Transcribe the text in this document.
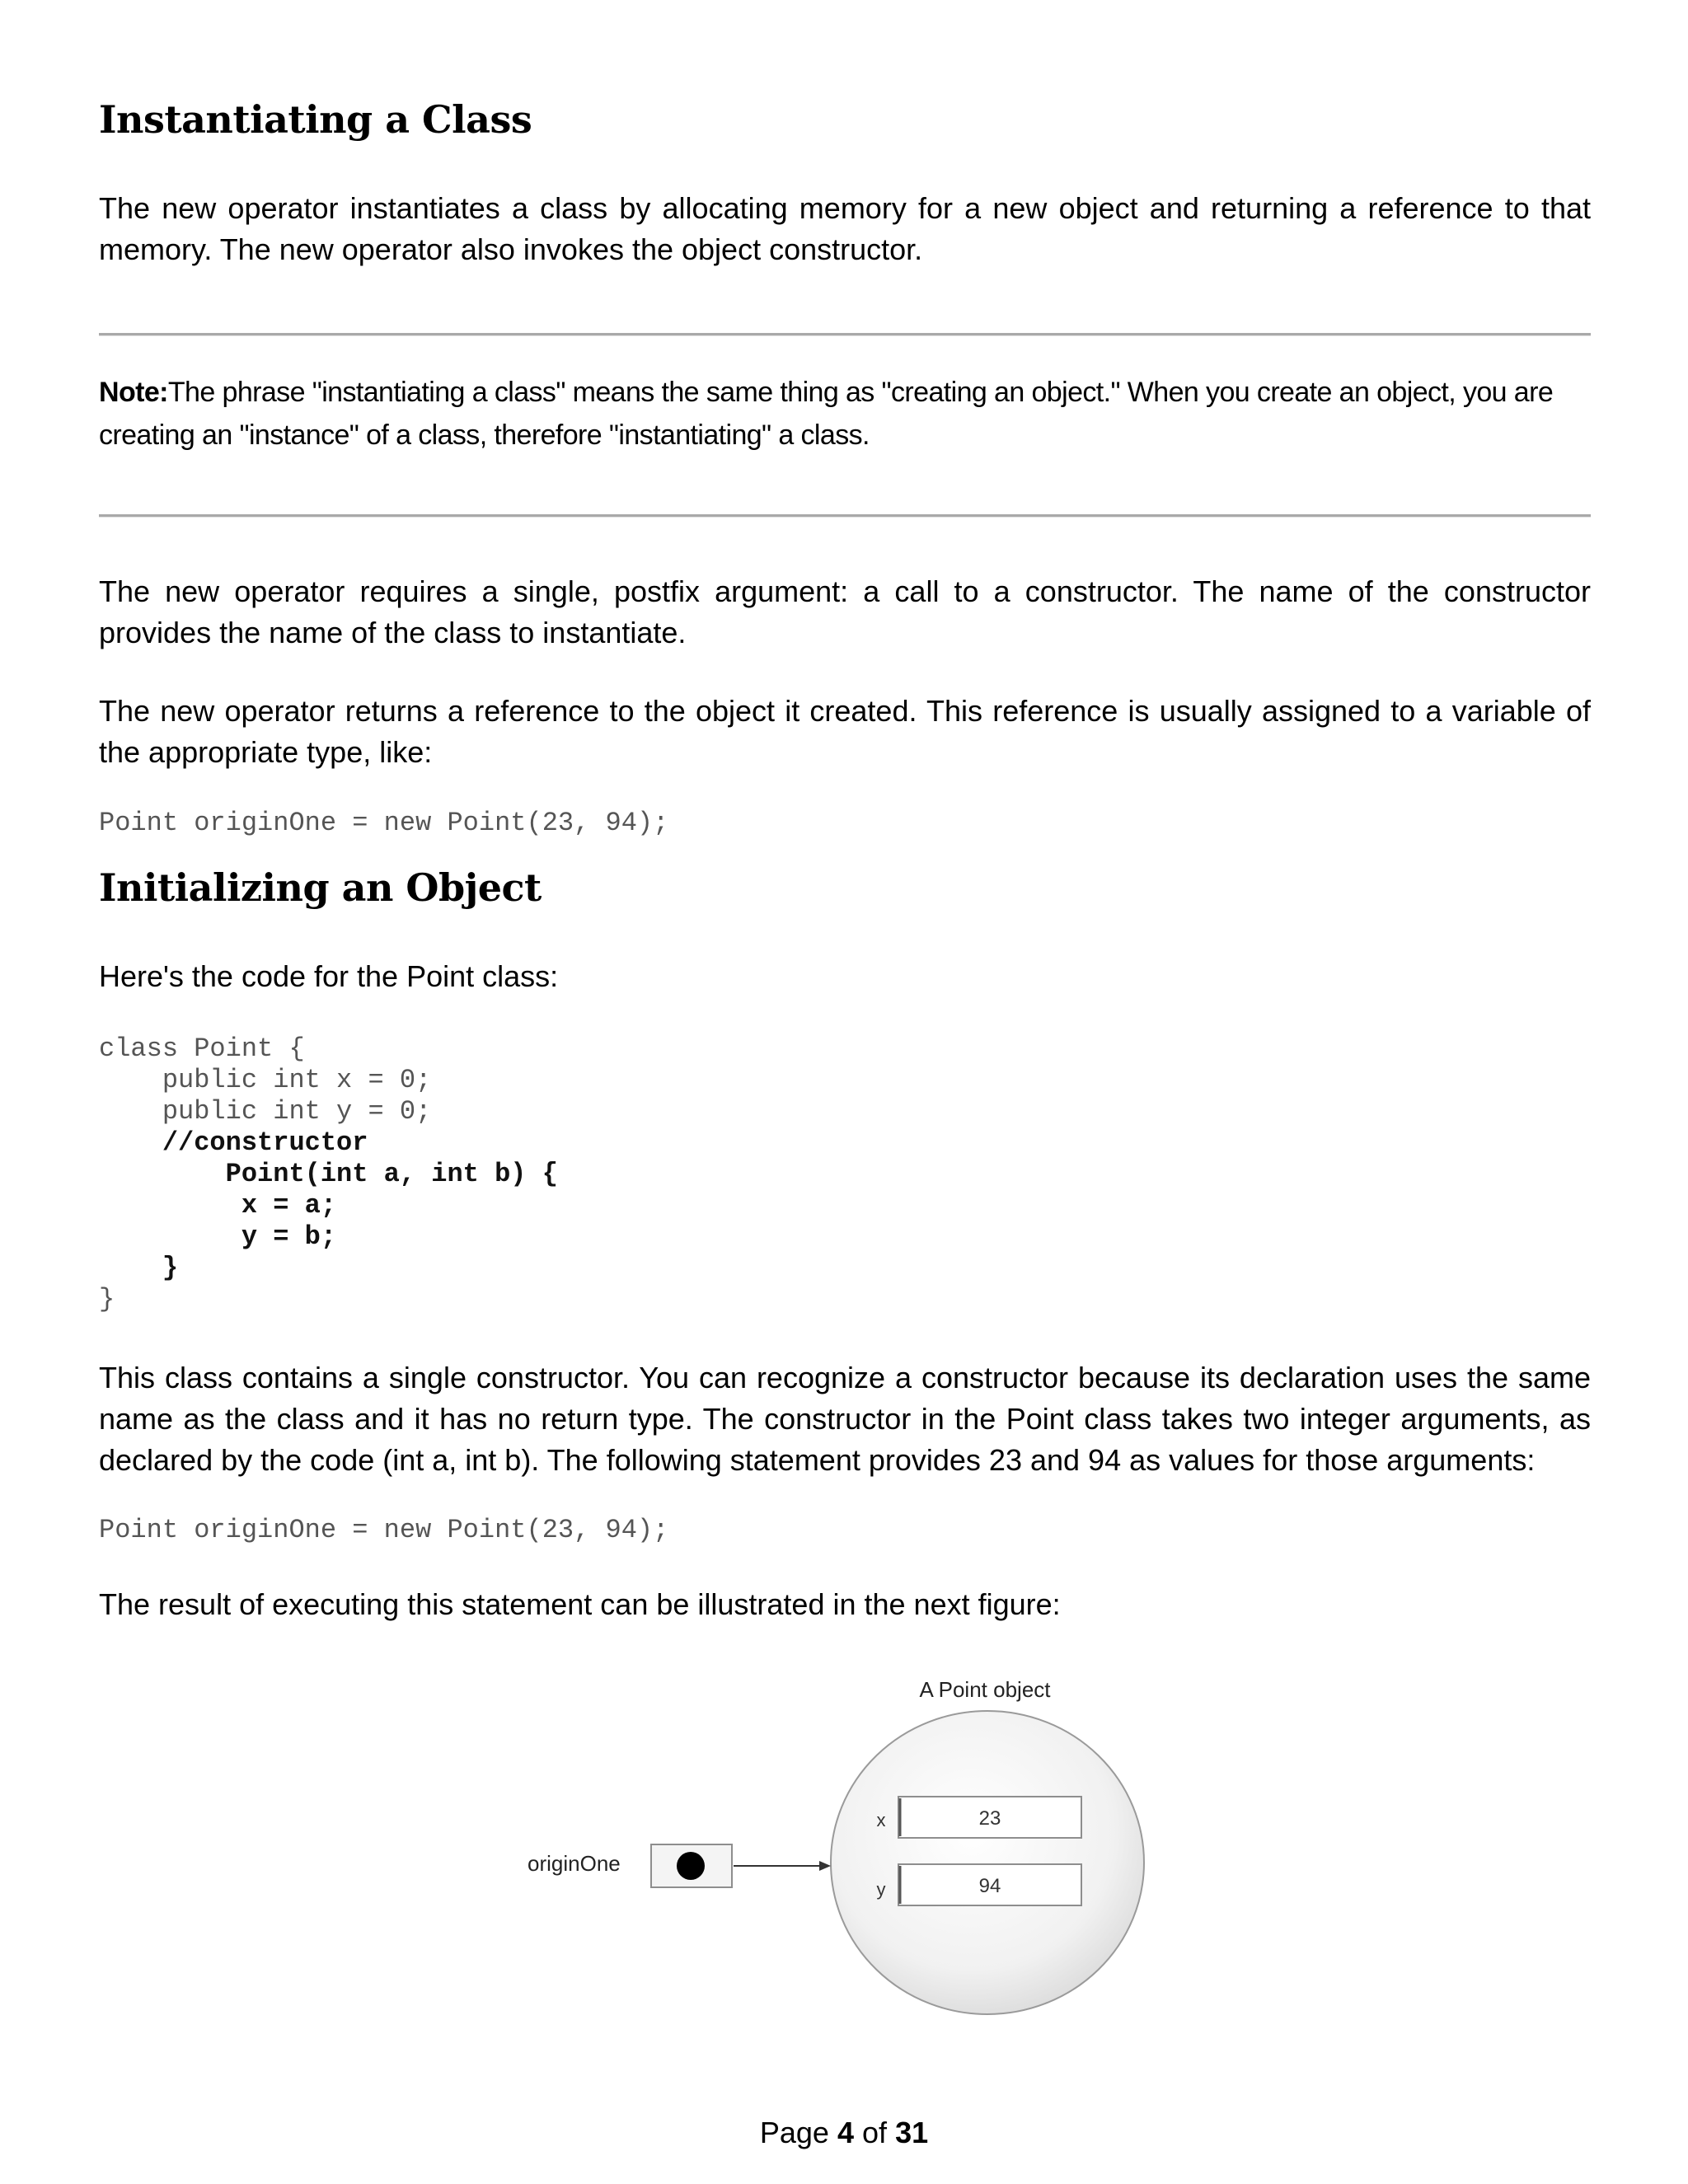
Instantiating a Class

The new operator instantiates a class by allocating memory for a new object and returning a reference to that memory. The new operator also invokes the object constructor.

Note:The phrase "instantiating a class" means the same thing as "creating an object." When you create an object, you are creating an "instance" of a class, therefore "instantiating" a class.

The new operator requires a single, postfix argument: a call to a constructor. The name of the constructor provides the name of the class to instantiate.

The new operator returns a reference to the object it created. This reference is usually assigned to a variable of the appropriate type, like:

Point originOne = new Point(23, 94);
Initializing an Object

Here's the code for the Point class:

class Point {
public int x = 0;
public int y = 0;
//constructor
Point(int a, int b) {
x = a;
y = b;
}
}

This class contains a single constructor. You can recognize a constructor because its declaration uses the same name as the class and it has no return type. The constructor in the Point class takes two integer arguments, as declared by the code (int a, int b). The following statement provides 23 and 94 as values for those arguments:

Point originOne = new Point(23, 94);

The result of executing this statement can be illustrated in the next figure:

A Point object
x	23
y	94
originOne
Page 4 of 31
